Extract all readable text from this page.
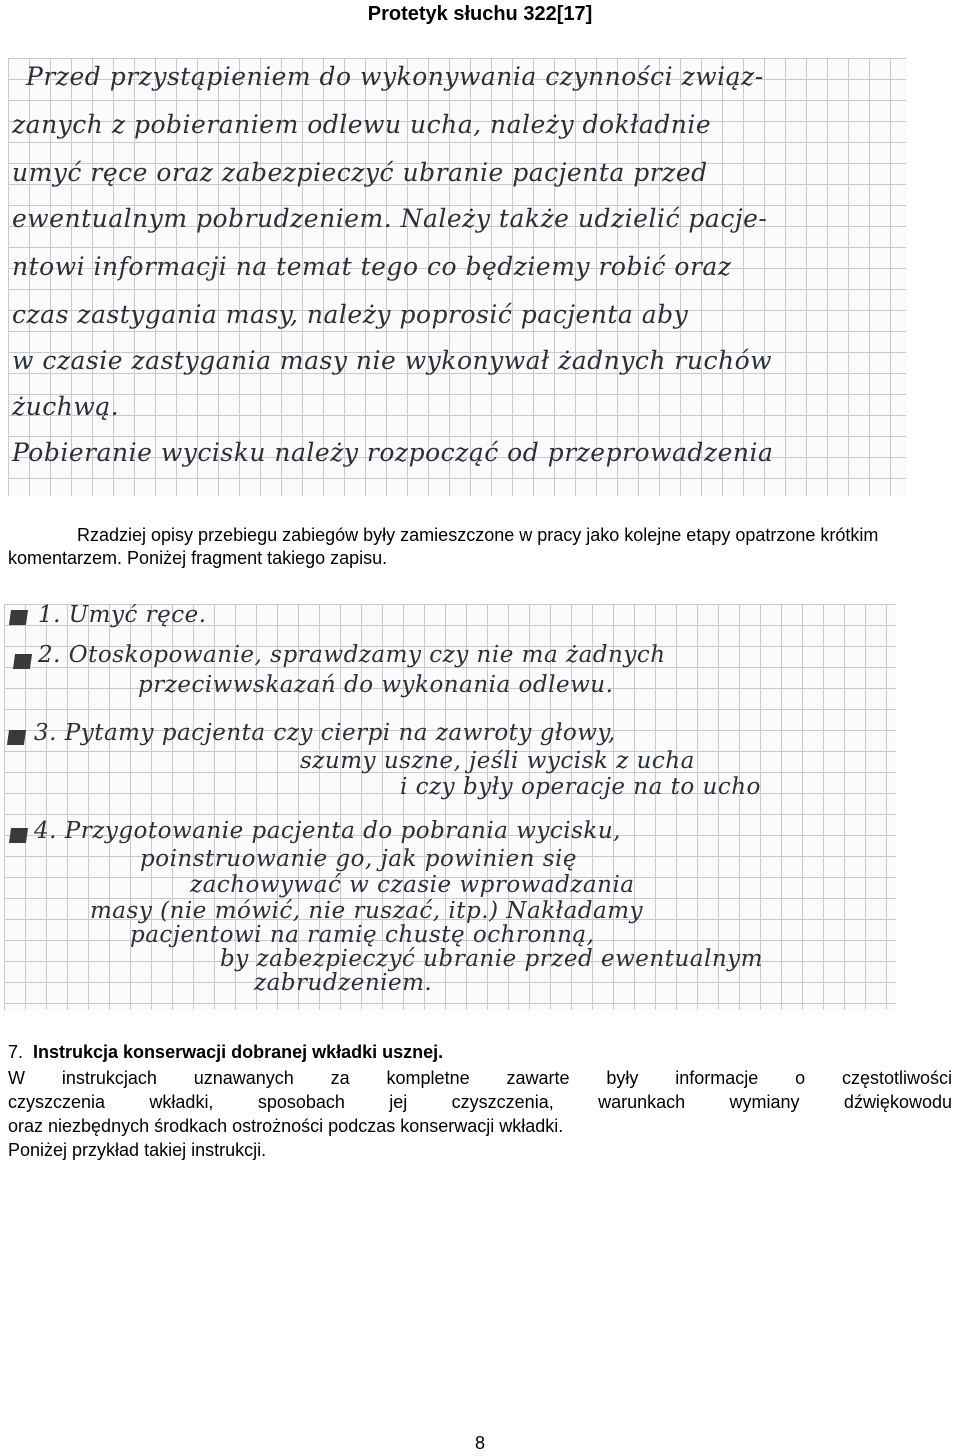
Protetyk słuchu 322[17]
Przed przystąpieniem do wykonywania czynności związ-
zanych z pobieraniem odlewu ucha, należy dokładnie
umyć ręce oraz zabezpieczyć ubranie pacjenta przed
ewentualnym pobrudzeniem. Należy także udzielić pacje-
ntowi informacji na temat tego co będziemy robić oraz
czas zastygania masy, należy poprosić pacjenta aby
w czasie zastygania masy nie wykonywał żadnych ruchów
żuchwą.
Pobieranie wycisku należy rozpocząć od przeprowadzenia
Rzadziej opisy przebiegu zabiegów były zamieszczone w pracy jako kolejne etapy opatrzone krótkim komentarzem. Poniżej fragment takiego zapisu.
1. Umyć ręce.
2. Otoskopowanie, sprawdzamy czy nie ma żadnych
przeciwwskazań do wykonania odlewu.
3. Pytamy pacjenta czy cierpi na zawroty głowy,
szumy uszne, jeśli wycisk z ucha
i czy były operacje na to ucho
4. Przygotowanie pacjenta do pobrania wycisku,
poinstruowanie go, jak powinien się
zachowywać w czasie wprowadzania
masy (nie mówić, nie ruszać, itp.) Nakładamy
pacjentowi na ramię chustę ochronną,
by zabezpieczyć ubranie przed ewentualnym
zabrudzeniem.
7. Instrukcja konserwacji dobranej wkładki usznej.
W instrukcjach uznawanych za kompletne zawarte były informacje o częstotliwości
czyszczenia wkładki, sposobach jej czyszczenia, warunkach wymiany dźwiękowodu
oraz niezbędnych środkach ostrożności podczas konserwacji wkładki.
Poniżej przykład takiej instrukcji.
8
